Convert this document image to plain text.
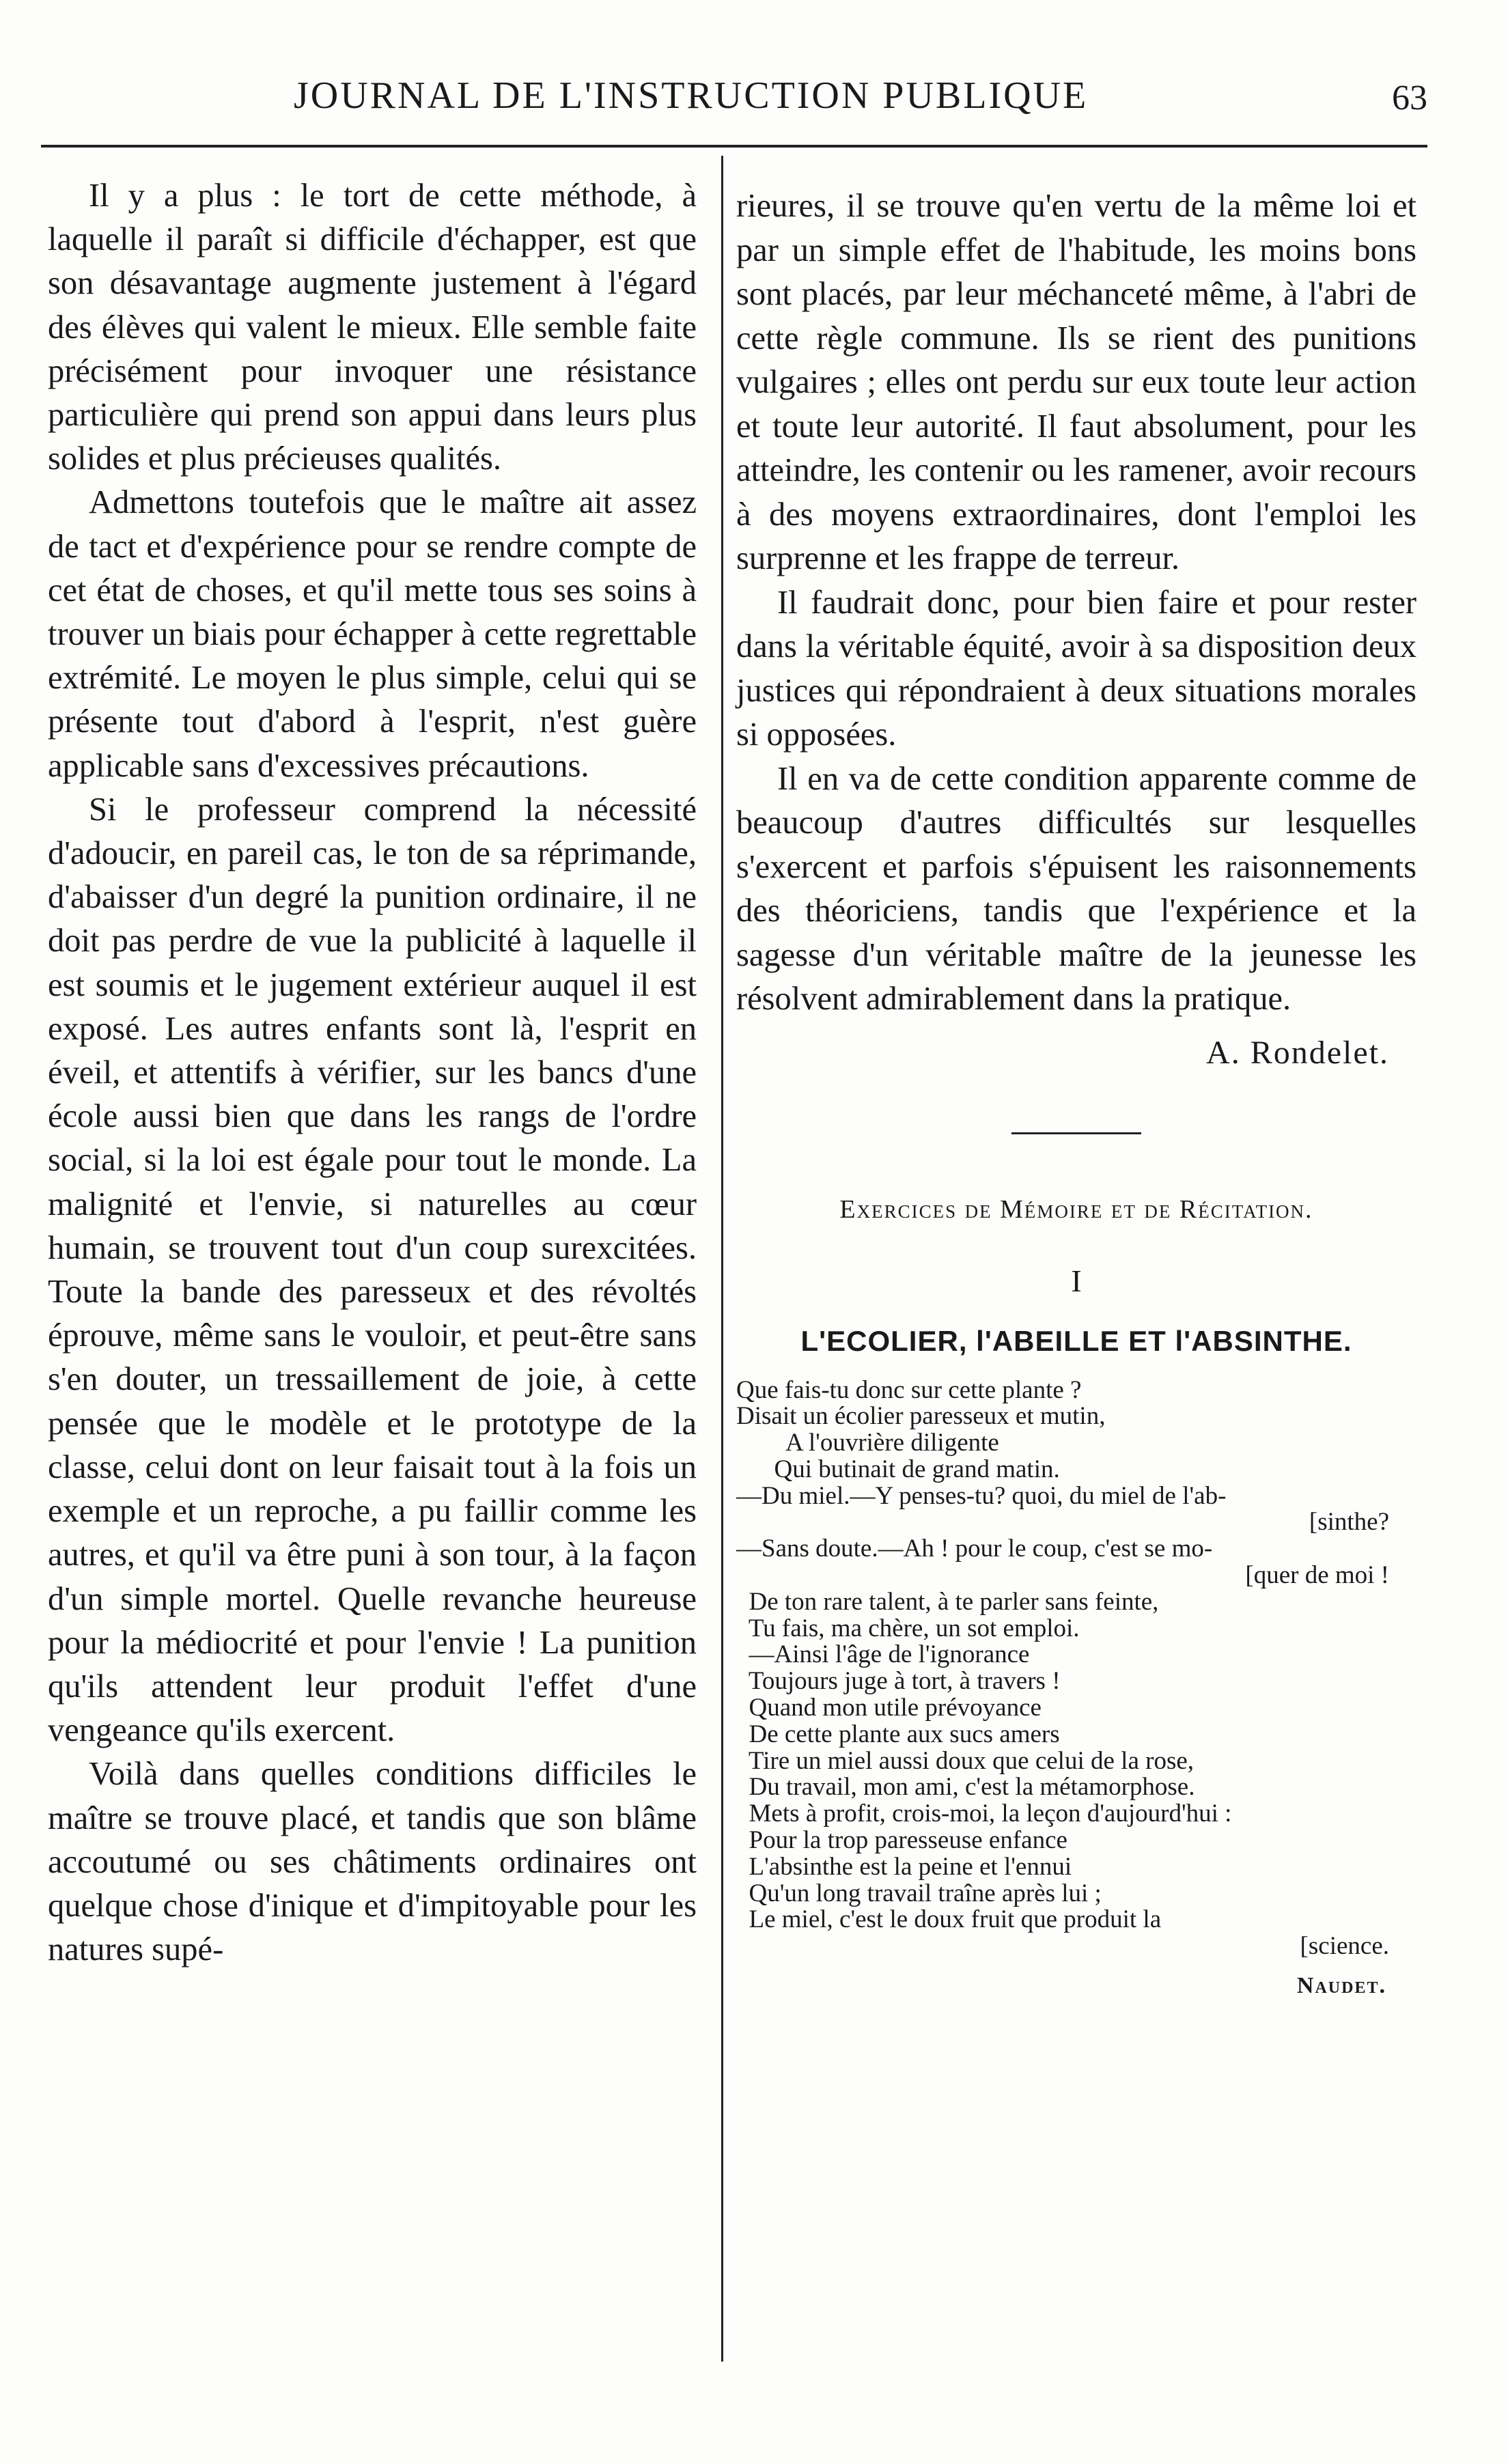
JOURNAL DE L'INSTRUCTION PUBLIQUE	63

Il y a plus : le tort de cette méthode, à laquelle il paraît si difficile d'échapper, est que son désavantage augmente justement à l'égard des élèves qui valent le mieux. Elle semble faite précisément pour invoquer une résistance particulière qui prend son appui dans leurs plus solides et plus précieuses qualités.

Admettons toutefois que le maître ait assez de tact et d'expérience pour se rendre compte de cet état de choses, et qu'il mette tous ses soins à trouver un biais pour échapper à cette regrettable extrémité. Le moyen le plus simple, celui qui se présente tout d'abord à l'esprit, n'est guère applicable sans d'excessives précautions.

Si le professeur comprend la nécessité d'adoucir, en pareil cas, le ton de sa réprimande, d'abaisser d'un degré la punition ordinaire, il ne doit pas perdre de vue la publicité à laquelle il est soumis et le jugement extérieur auquel il est exposé. Les autres enfants sont là, l'esprit en éveil, et attentifs à vérifier, sur les bancs d'une école aussi bien que dans les rangs de l'ordre social, si la loi est égale pour tout le monde. La malignité et l'envie, si naturelles au cœur humain, se trouvent tout d'un coup surexcitées. Toute la bande des paresseux et des révoltés éprouve, même sans le vouloir, et peut-être sans s'en douter, un tressaillement de joie, à cette pensée que le modèle et le prototype de la classe, celui dont on leur faisait tout à la fois un exemple et un reproche, a pu faillir comme les autres, et qu'il va être puni à son tour, à la façon d'un simple mortel. Quelle revanche heureuse pour la médiocrité et pour l'envie ! La punition qu'ils attendent leur produit l'effet d'une vengeance qu'ils exercent.

Voilà dans quelles conditions difficiles le maître se trouve placé, et tandis que son blâme accoutumé ou ses châtiments ordinaires ont quelque chose d'inique et d'impitoyable pour les natures supé-

rieures, il se trouve qu'en vertu de la même loi et par un simple effet de l'habitude, les moins bons sont placés, par leur méchanceté même, à l'abri de cette règle commune. Ils se rient des punitions vulgaires ; elles ont perdu sur eux toute leur action et toute leur autorité. Il faut absolument, pour les atteindre, les contenir ou les ramener, avoir recours à des moyens extraordinaires, dont l'emploi les surprenne et les frappe de terreur.

Il faudrait donc, pour bien faire et pour rester dans la véritable équité, avoir à sa disposition deux justices qui répondraient à deux situations morales si opposées.

Il en va de cette condition apparente comme de beaucoup d'autres difficultés sur lesquelles s'exercent et parfois s'épuisent les raisonnements des théoriciens, tandis que l'expérience et la sagesse d'un véritable maître de la jeunesse les résolvent admirablement dans la pratique.

A. Rondelet.
Exercices de Mémoire et de Récitation.
I
L'ECOLIER, l'ABEILLE ET l'ABSINTHE.
Que fais-tu donc sur cette plante ?
Disait un écolier paresseux et mutin,
A l'ouvrière diligente
Qui butinait de grand matin.
—Du miel.—Y penses-tu? quoi, du miel de l'ab-
[sinthe?
—Sans doute.—Ah ! pour le coup, c'est se mo-
[quer de moi !
De ton rare talent, à te parler sans feinte,
Tu fais, ma chère, un sot emploi.
—Ainsi l'âge de l'ignorance
Toujours juge à tort, à travers !
Quand mon utile prévoyance
De cette plante aux sucs amers
Tire un miel aussi doux que celui de la rose,
Du travail, mon ami, c'est la métamorphose.
Mets à profit, crois-moi, la leçon d'aujourd'hui :
Pour la trop paresseuse enfance
L'absinthe est la peine et l'ennui
Qu'un long travail traîne après lui ;
Le miel, c'est le doux fruit que produit la
[science.
Naudet.
